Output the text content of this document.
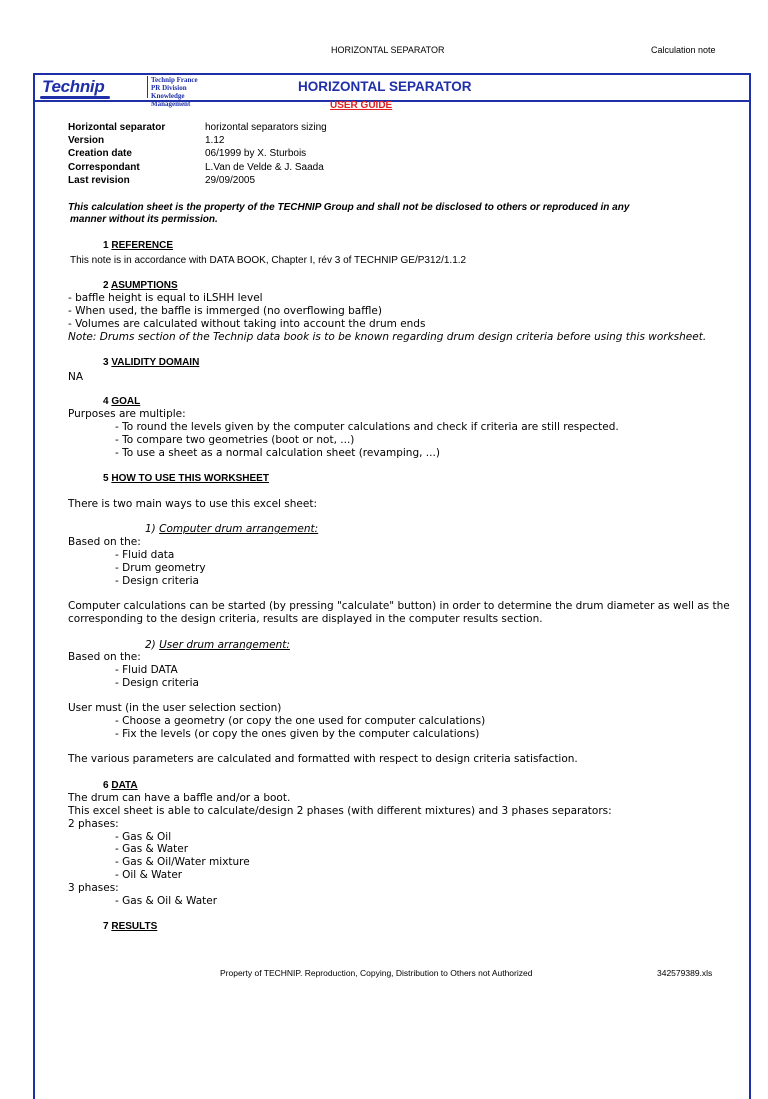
HORIZONTAL SEPARATOR	Calculation note
Technip	Technip France
PR Division
Knowledge Management
HORIZONTAL SEPARATOR
USER GUIDE
Horizontal separator	horizontal separators sizing
Version	1.12
Creation date	06/1999 by X. Sturbois
Correspondant	L.Van de Velde & J. Saada
Last revision	29/09/2005
This calculation sheet is the property of the TECHNIP Group and shall not be disclosed to others or reproduced in any
manner without its permission.
1 REFERENCE
This note is in accordance with DATA BOOK, Chapter I, rév 3 of TECHNIP GE/P312/1.1.2
2 ASUMPTIONS
- baffle height is equal to iLSHH level
- When used, the baffle is immerged (no overflowing baffle)
- Volumes are calculated without taking into account the drum ends
Note: Drums section of the Technip data book is to be known regarding drum design criteria before using this worksheet.
3 VALIDITY DOMAIN
NA
4 GOAL
Purposes are multiple:
- To round the levels given by the computer calculations and check if criteria are still respected.
- To compare two geometries (boot or not, ...)
- To use a sheet as a normal calculation sheet (revamping, ...)
5 HOW TO USE THIS WORKSHEET
There is two main ways to use this excel sheet:
1) Computer drum arrangement:
Based on the:
- Fluid data
- Drum geometry
- Design criteria
Computer calculations can be started (by pressing "calculate" button) in order to determine the drum diameter as well as the
corresponding to the design criteria, results are displayed in the computer results section.
2) User drum arrangement:
Based on the:
- Fluid DATA
- Design criteria
User must (in the user selection section)
- Choose a geometry (or copy the one used for computer calculations)
- Fix the levels (or copy the ones given by the computer calculations)
The various parameters are calculated and formatted with respect to design criteria satisfaction.
6 DATA
The drum can have a baffle and/or a boot.
This excel sheet is able to calculate/design 2 phases (with different mixtures) and 3 phases separators:
2 phases:
- Gas & Oil
- Gas & Water
- Gas & Oil/Water mixture
- Oil & Water
3 phases:
- Gas & Oil & Water
7 RESULTS
Property of TECHNIP. Reproduction, Copying, Distribution to Others not Authorized	342579389.xls
